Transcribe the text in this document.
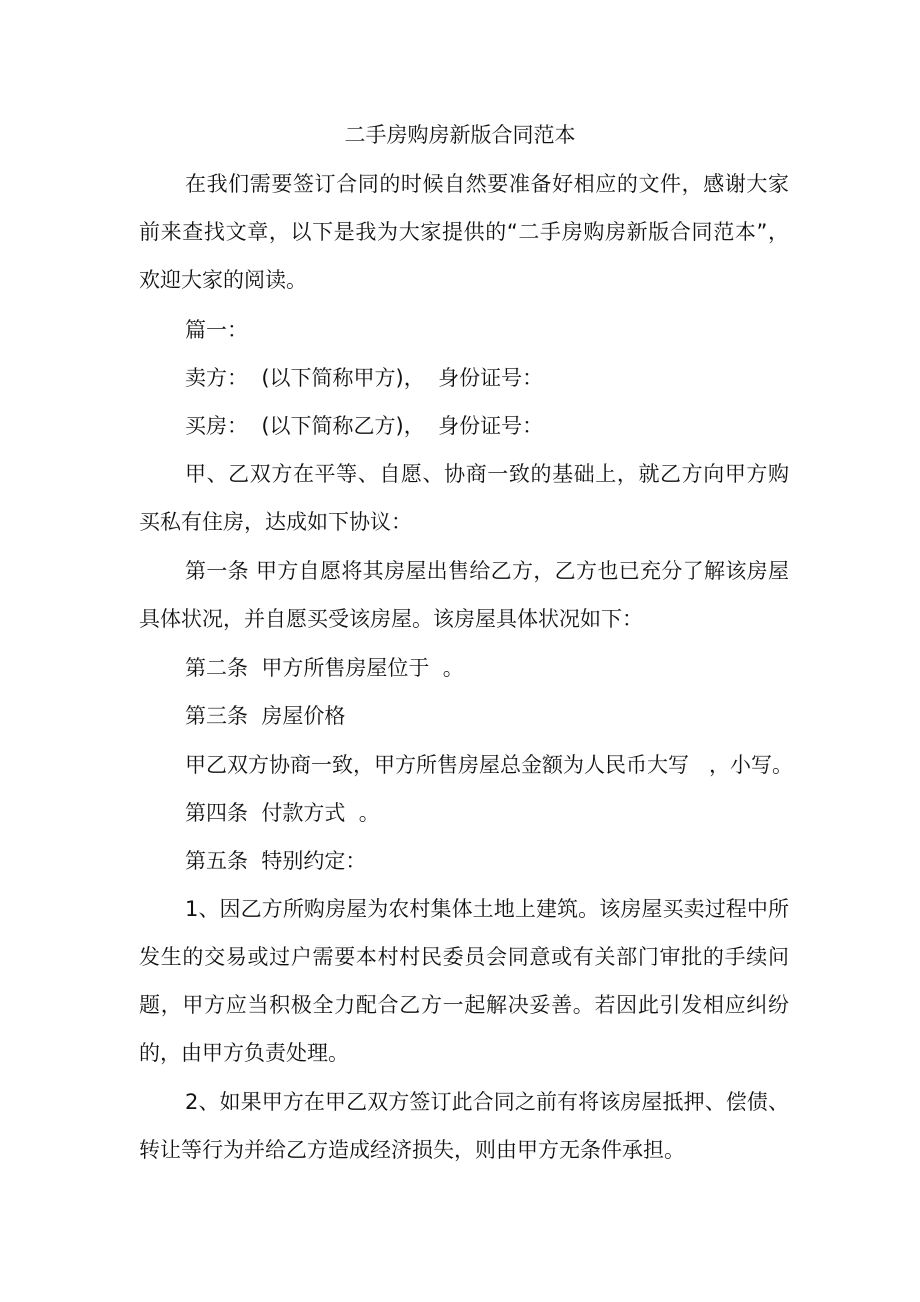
二手房购房新版合同范本
在我们需要签订合同的时候自然要准备好相应的文件，感谢大家前来查找文章，以下是我为大家提供的“二手房购房新版合同范本”，欢迎大家的阅读。
篇一：
卖方：  (以下简称甲方)，  身份证号：
买房：  (以下简称乙方)，  身份证号：
甲、乙双方在平等、自愿、协商一致的基础上，就乙方向甲方购买私有住房，达成如下协议：
第一条 甲方自愿将其房屋出售给乙方，乙方也已充分了解该房屋具体状况，并自愿买受该房屋。该房屋具体状况如下：
第二条  甲方所售房屋位于  。
第三条  房屋价格
甲乙双方协商一致，甲方所售房屋总金额为人民币大写   ，小写。
第四条  付款方式  。
第五条  特别约定：
1、因乙方所购房屋为农村集体土地上建筑。该房屋买卖过程中所发生的交易或过户需要本村村民委员会同意或有关部门审批的手续问题，甲方应当积极全力配合乙方一起解决妥善。若因此引发相应纠纷的，由甲方负责处理。
2、如果甲方在甲乙双方签订此合同之前有将该房屋抵押、偿债、转让等行为并给乙方造成经济损失，则由甲方无条件承担。
